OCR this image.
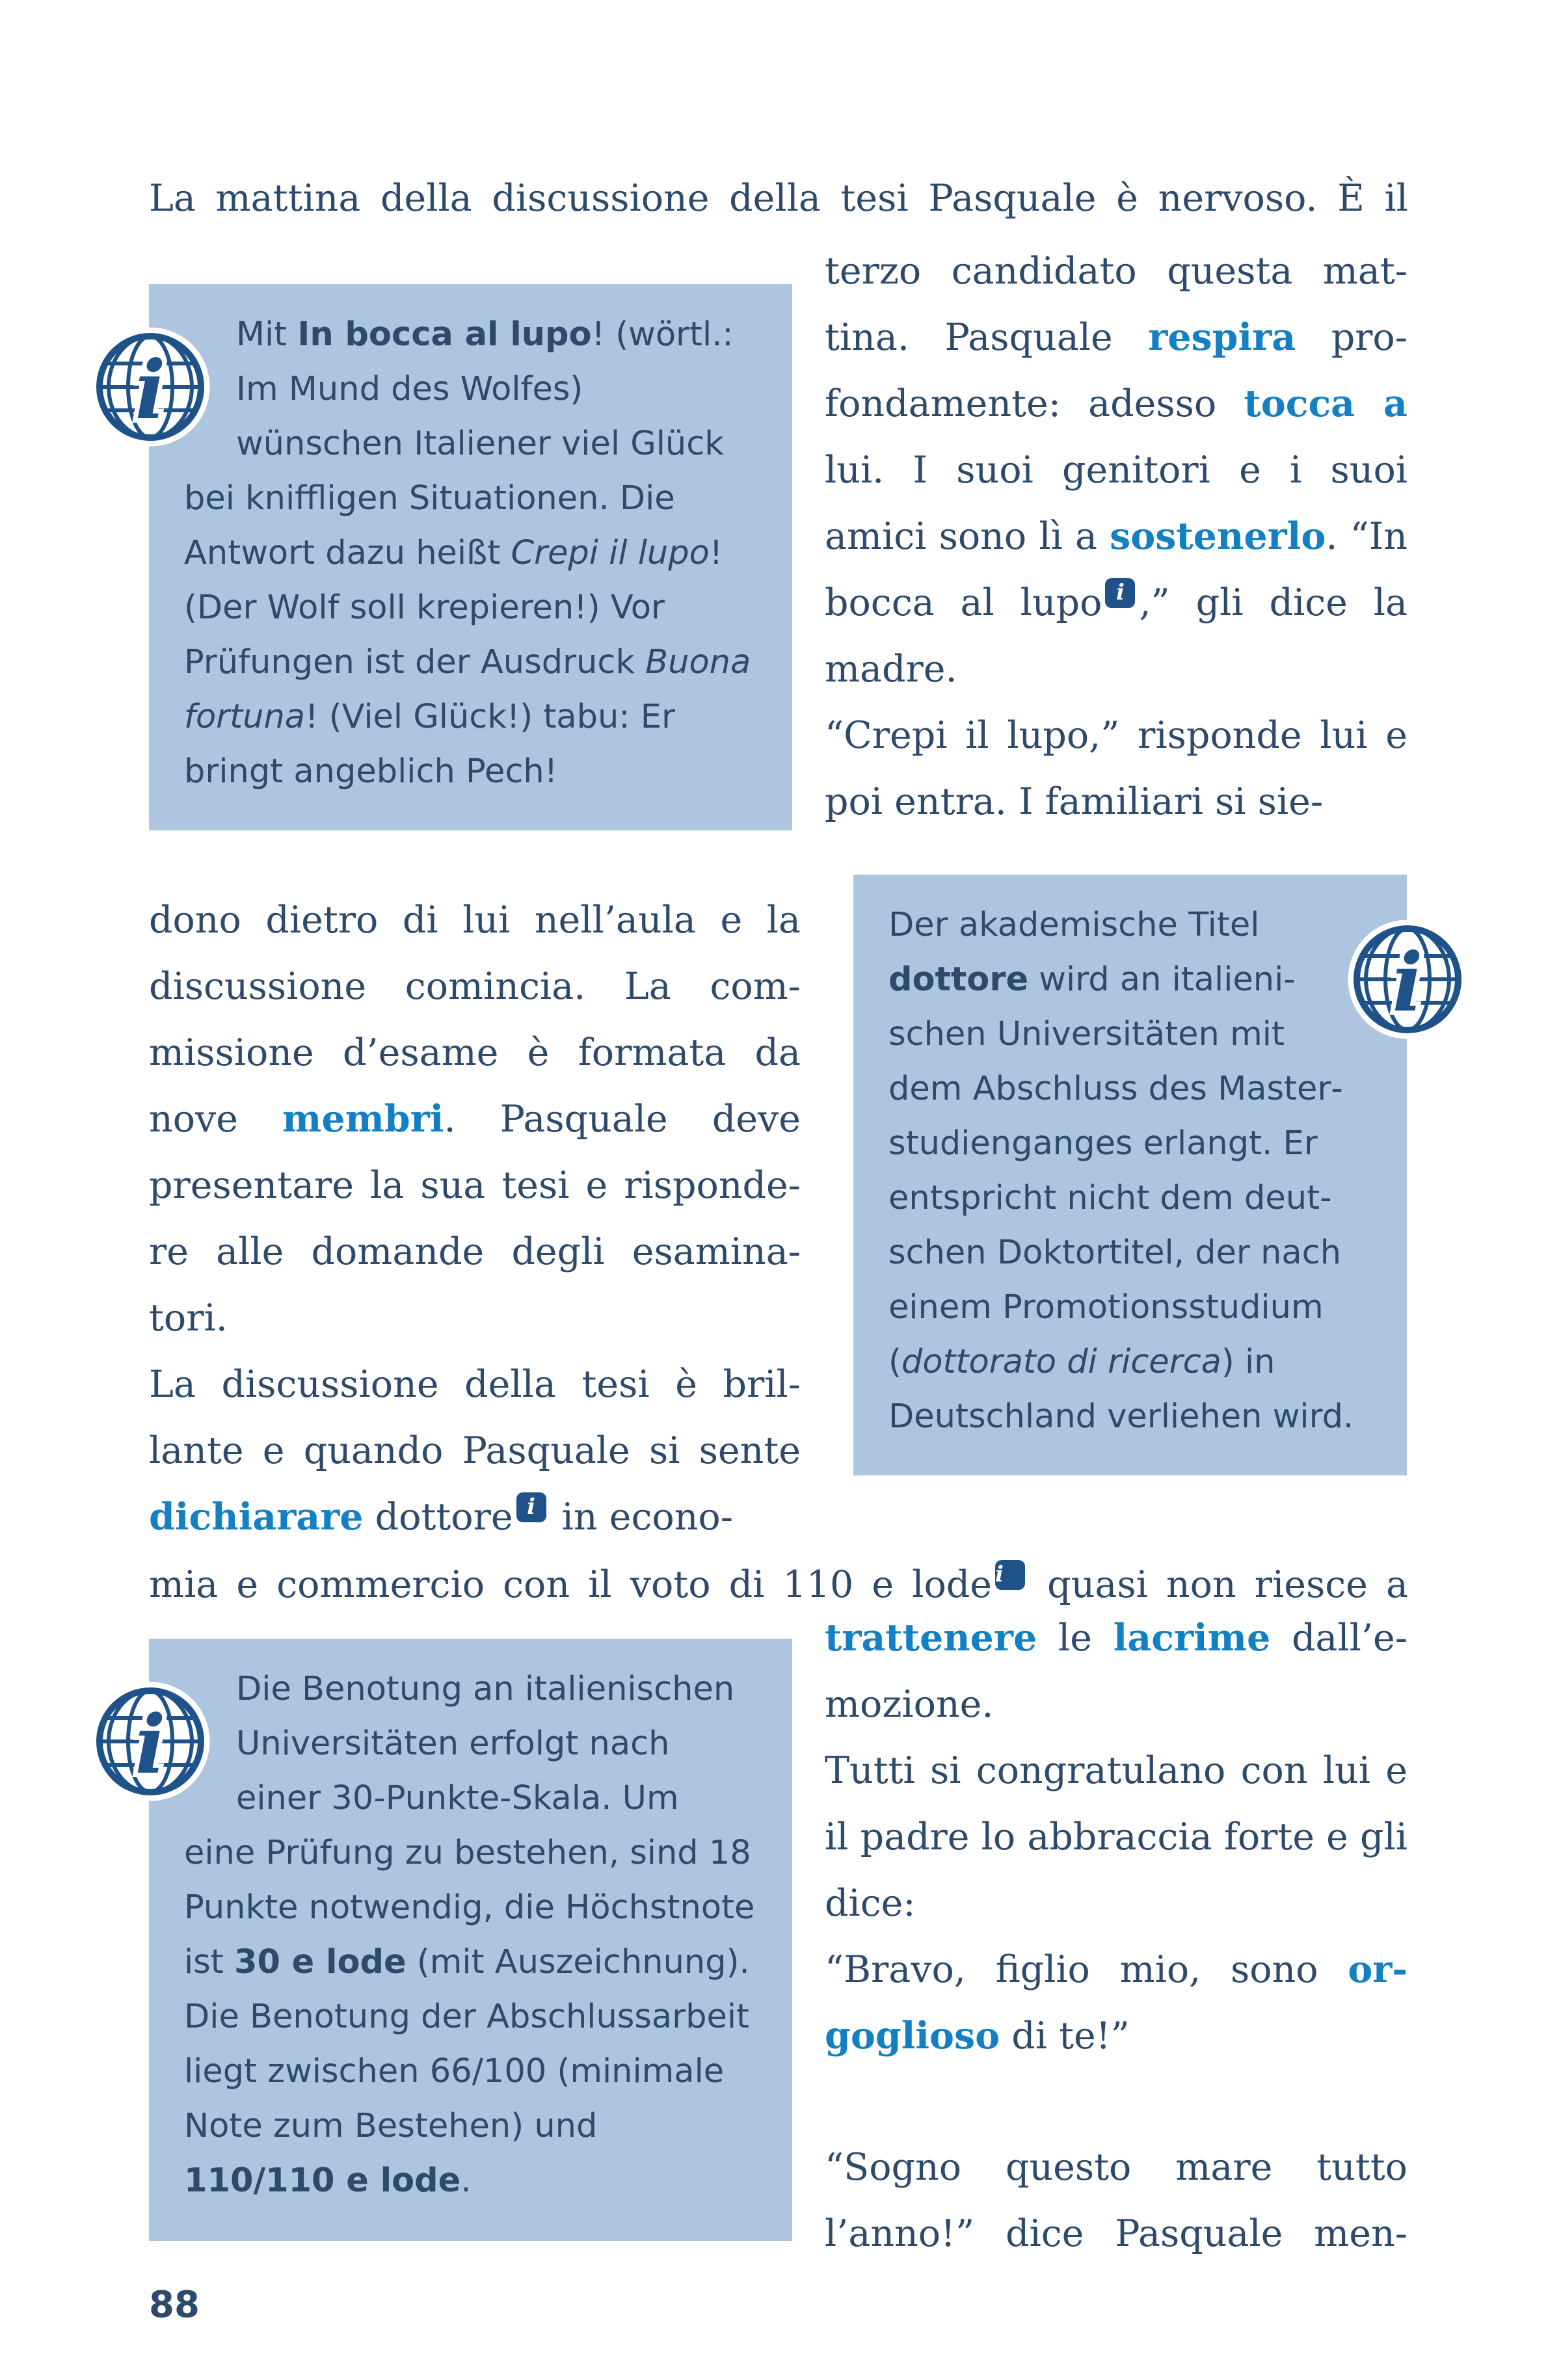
La mattina della discussione della tesi Pasquale è nervoso. È il

Mit In bocca al lupo! (wörtl.: Im Mund des Wolfes) wünschen Italiener viel Glück bei kniffligen Situationen. Die Antwort dazu heißt Crepi il lupo! (Der Wolf soll krepieren!) Vor Prüfungen ist der Ausdruck Buona fortuna! (Viel Glück!) tabu: Er bringt angeblich Pech!

i

terzo candidato questa mattina. Pasquale respira profondamente: adesso tocca a lui. I suoi genitori e i suoi amici sono lì a sostenerlo. “In bocca al lupo i ,” gli dice la madre.
“Crepi il lupo,” risponde lui e poi entra. I familiari si sie-

dono dietro di lui nell’aula e la discussione comincia. La commissione d’esame è formata da nove membri. Pasquale deve presentare la sua tesi e rispondere alle domande degli esaminatori.
La discussione della tesi è brillante e quando Pasquale si sente dichiarare dottore i in econo-

Der akademische Titel dottore wird an italienischen Universitäten mit dem Abschluss des Masterstudienganges erlangt. Er entspricht nicht dem deutschen Doktortitel, der nach einem Promotionsstudium (dottorato di ricerca) in Deutschland verliehen wird.

i

mia e commercio con il voto di 110 e lode i quasi non riesce a

trattenere le lacrime dall’emozione.
Tutti si congratulano con lui e il padre lo abbraccia forte e gli dice:
“Bravo, figlio mio, sono orgoglioso di te!”

Die Benotung an italienischen Universitäten erfolgt nach einer 30-Punkte-Skala. Um eine Prüfung zu bestehen, sind 18 Punkte notwendig, die Höchstnote ist 30 e lode (mit Auszeichnung). Die Benotung der Abschlussarbeit liegt zwischen 66/100 (minimale Note zum Bestehen) und 110/110 e lode.

i

“Sogno questo mare tutto l’anno!” dice Pasquale men-

88
